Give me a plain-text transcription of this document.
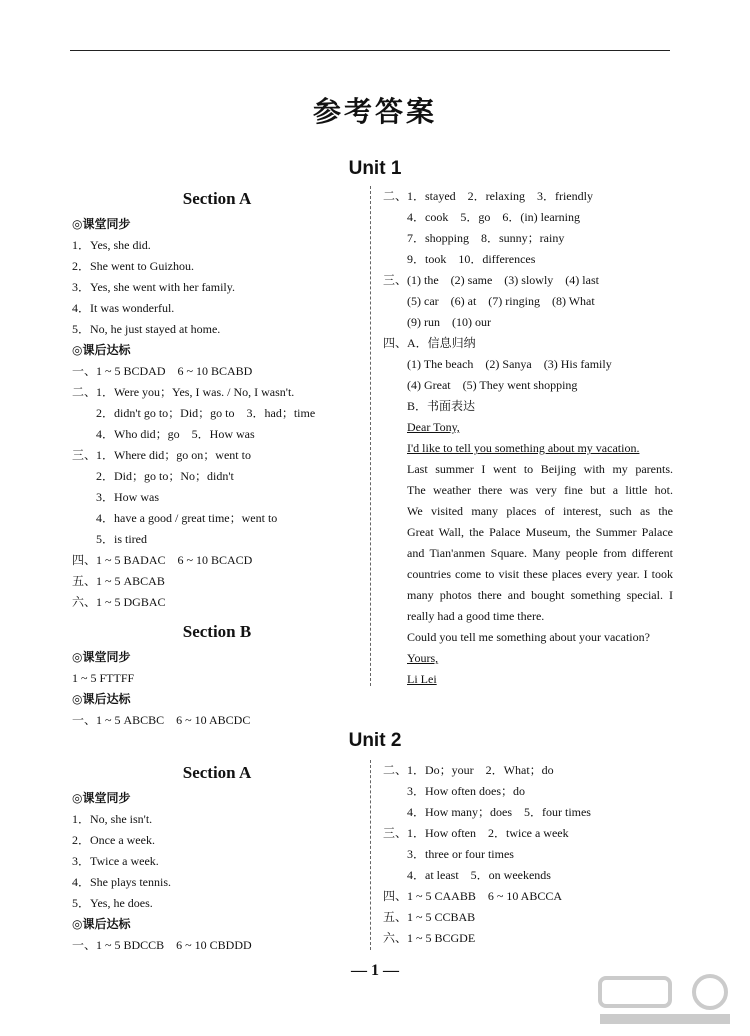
参考答案
Unit 1
Section A
◎课堂同步
1．Yes, she did.
2．She went to Guizhou.
3．Yes, she went with her family.
4．It was wonderful.
5．No, he just stayed at home.
◎课后达标
一、1 ~ 5 BCDAD　6 ~ 10 BCABD
二、1．Were you；Yes, I was. / No, I wasn't.
2．didn't go to；Did；go to　3．had；time
4．Who did；go　5．How was
三、1．Where did；go on；went to
2．Did；go to；No；didn't
3．How was
4．have a good / great time；went to
5．is tired
四、1 ~ 5 BADAC　6 ~ 10 BCACD
五、1 ~ 5 ABCAB
六、1 ~ 5 DGBAC
Section B
◎课堂同步
1 ~ 5 FTTFF
◎课后达标
一、1 ~ 5 ABCBC　6 ~ 10 ABCDC
二、1．stayed　2．relaxing　3．friendly
4．cook　5．go　6．(in) learning
7．shopping　8．sunny；rainy
9．took　10．differences
三、(1) the　(2) same　(3) slowly　(4) last
(5) car　(6) at　(7) ringing　(8) What
(9) run　(10) our
四、A．信息归纳
(1) The beach　(2) Sanya　(3) His family
(4) Great　(5) They went shopping
B．书面表达
Dear Tony,
I'd like to tell you something about my vacation.
Last summer I went to Beijing with my parents.
The weather there was very fine but a little hot.
We visited many places of interest, such as the
Great Wall, the Palace Museum, the Summer Palace
and Tian'anmen Square. Many people from different
countries come to visit these places every year. I took
many photos there and bought something special. I
really had a good time there.
Could you tell me something about your vacation?
Yours,
Li Lei
Unit 2
Section A
◎课堂同步
1．No, she isn't.
2．Once a week.
3．Twice a week.
4．She plays tennis.
5．Yes, he does.
◎课后达标
一、1 ~ 5 BDCCB　6 ~ 10 CBDDD
二、1．Do；your　2．What；do
3．How often does；do
4．How many；does　5．four times
三、1．How often　2．twice a week
3．three or four times
4．at least　5．on weekends
四、1 ~ 5 CAABB　6 ~ 10 ABCCA
五、1 ~ 5 CCBAB
六、1 ~ 5 BCGDE
— 1 —
